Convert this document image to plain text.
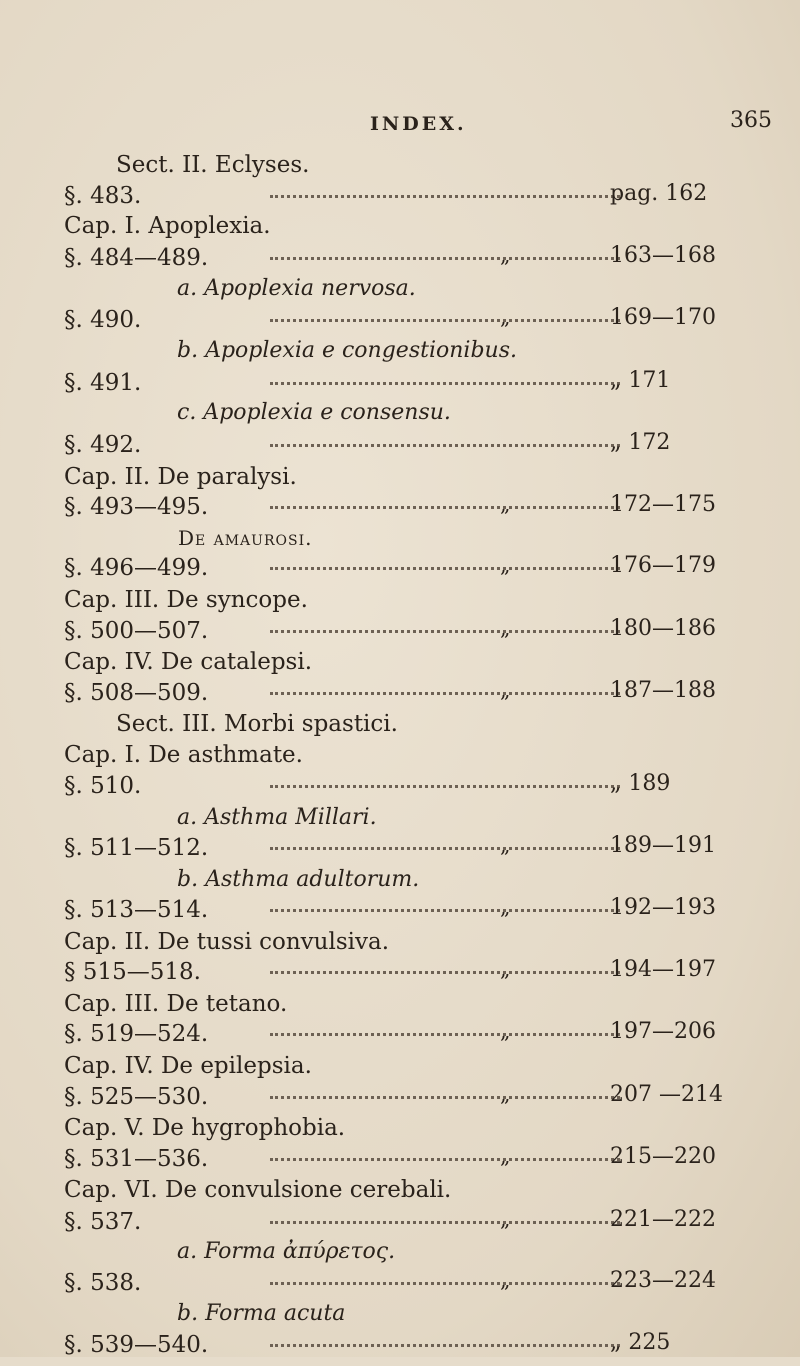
INDEX.	365
Sect. II. Eclyses.
§. 483.	pag. 162
Cap. I. Apoplexia.
§. 484—489.	„	163—168
a. Apoplexia nervosa.
§. 490.	„	169—170
b. Apoplexia e congestionibus.
§. 491.	„ 171
c. Apoplexia e consensu.
§. 492.	„ 172
Cap. II. De paralysi.
§. 493—495.	„	172—175
De amaurosi.
§. 496—499.	„	176—179
Cap. III. De syncope.
§. 500—507.	„	180—186
Cap. IV. De catalepsi.
§. 508—509.	„	187—188
Sect. III. Morbi spastici.
Cap. I. De asthmate.
§. 510.	„ 189
a. Asthma Millari.
§. 511—512.	„	189—191
b. Asthma adultorum.
§. 513—514.	„	192—193
Cap. II. De tussi convulsiva.
§ 515—518.	„	194—197
Cap. III. De tetano.
§. 519—524.	„	197—206
Cap. IV. De epilepsia.
§. 525—530.	„	207 —214
Cap. V. De hygrophobia.
§. 531—536.	„	215—220
Cap. VI. De convulsione cerebali.
§. 537.	„	221—222
a. Forma ἀπύρετος.
§. 538.	„	223—224
b. Forma acuta
§. 539—540.	„ 225
